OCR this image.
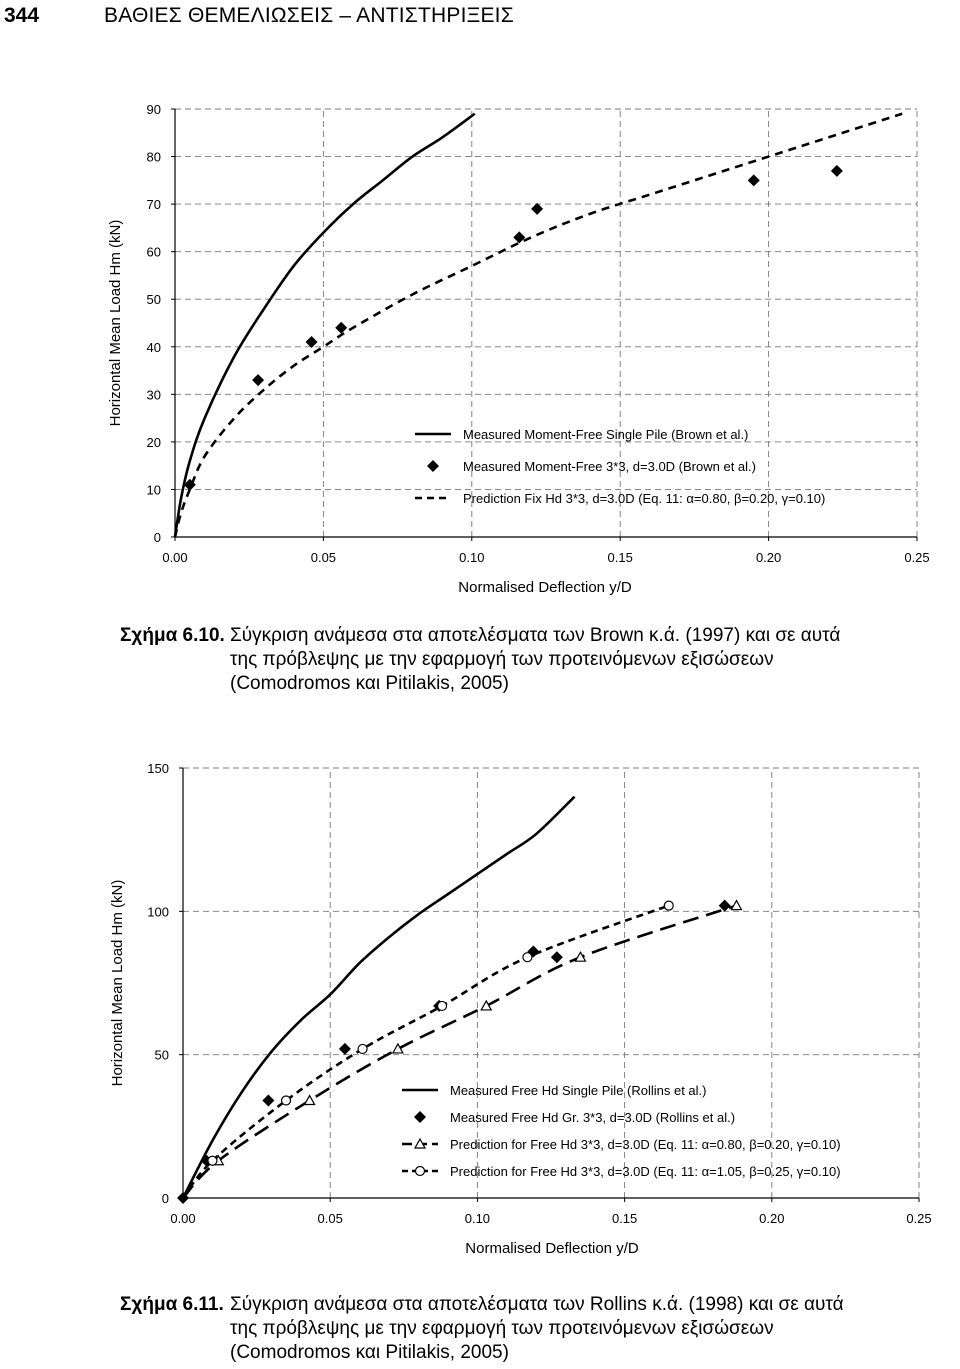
344	ΒΑΘΙΕΣ ΘΕΜΕΛΙΩΣΕΙΣ – ΑΝΤΙΣΤΗΡΙΞΕΙΣ
0
10
20
30
40
50
60
70
80
90
0.00	0.05	0.10	0.15	0.20	0.25
Normalised Deflection y/D
Horizontal Mean Load Hm (kN)
Measured Moment-Free Single Pile (Brown et al.)
Measured Moment-Free 3*3, d=3.0D (Brown et al.)
Prediction Fix Hd 3*3, d=3.0D (Eq. 11: α=0.80, β=0.20, γ=0.10)
Σχήμα 6.10. Σύγκριση ανάμεσα στα αποτελέσματα των Brown κ.ά. (1997) και σε αυτά
της πρόβλεψης με την εφαρμογή των προτεινόμενων εξισώσεων
(Comodromos και Pitilakis, 2005)
0
50
100
150
0.00	0.05	0.10	0.15	0.20	0.25
Normalised Deflection y/D
Horizontal Mean Load Hm (kN)
Measured Free Hd Single Pile (Rollins et al.)
Measured Free Hd Gr. 3*3, d=3.0D (Rollins et al.)
Prediction for Free Hd 3*3, d=3.0D (Eq. 11: α=0.80, β=0.20, γ=0.10)
Prediction for Free Hd 3*3, d=3.0D (Eq. 11: α=1.05, β=0.25, γ=0.10)
Σχήμα 6.11. Σύγκριση ανάμεσα στα αποτελέσματα των Rollins κ.ά. (1998) και σε αυτά
της πρόβλεψης με την εφαρμογή των προτεινόμενων εξισώσεων
(Comodromos και Pitilakis, 2005)
